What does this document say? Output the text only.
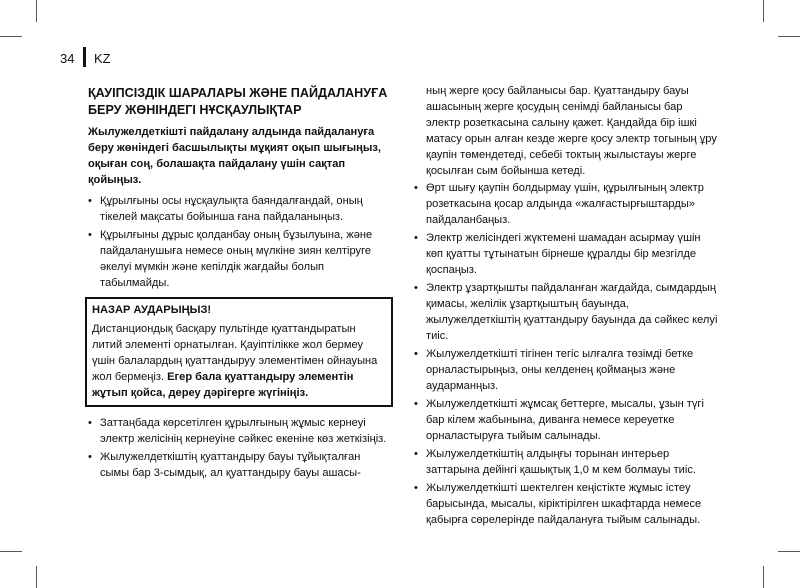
34 KZ
ҚАУІПСІЗДІК ШАРАЛАРЫ ЖӘНЕ ПАЙДАЛАНУҒА БЕРУ ЖӨНІНДЕГІ НҰСҚАУЛЫҚТАР

Жылужелдеткішті пайдалану алдында пайдалануға беру жөніндегі басшылықты мұқият оқып шығыңыз, оқыған соң, болашақта пайдалану үшін сақтап қойыңыз.

• Құрылғыны осы нұсқаулықта баяндалғандай, оның тікелей мақсаты бойынша ғана пайдаланыңыз.
• Құрылғыны дұрыс қолданбау оның бұзылуына, және пайдаланушыға немесе оның мүлкіне зиян келтіруге әкелуі мүмкін және кепілдік жағдайы болып табылмайды.
НАЗАР АУДАРЫҢЫЗ!

Дистанциондық басқару пультінде қуаттандыратын литий элементі орнатылған. Қауіптілікке жол бермеу үшін балалардың қуаттандыруу элементімен ойнауына жол бермеңіз. Егер бала қуаттандыру элементін жұтып қойса, дереу дәрігерге жүгініңіз.

• Заттаңбада көрсетілген құрылғының жұмыс кернеуі электр желісінің кернеуіне сәйкес екеніне көз жеткізіңіз.
• Жылужелдеткіштің қуаттандыру бауы тұйықталған сымы бар 3-сымдық, ал қуаттандыру бауы ашасы-

ның жерге қосу байланысы бар. Қуаттандыру бауы ашасының жерге қосудың сенімді байланысы бар электр розеткасына салыну қажет. Қандайда бір ішкі матасу орын алған кезде жерге қосу электр тогының ұру қаупін төмендетеді, себебі токтың жылыстауы жерге қосылған сым бойынша кетеді.

• Өрт шығу қаупін болдырмау үшін, құрылғының электр розеткасына қосар алдында «жалғастырғыштарды» пайдаланбаңыз.
• Электр желісіндегі жүктемені шамадан асырмау үшін көп қуатты тұтынатын бірнеше құралды бір мезгілде қоспаңыз.
• Электр ұзартқышты пайдаланған жағдайда, сымдардың қимасы, желілік ұзартқыштың бауында, жылужелдеткіштің қуаттандыру бауында да сәйкес келуі тиіс.
• Жылужелдеткішті тігінен тегіс ылғалға төзімді бетке орналастырыңыз, оны келденең қоймаңыз және аударманңыз.
• Жылужелдеткішті жұмсақ беттерге, мысалы, ұзын түгі бар кілем жабынына, диванға немесе кереуетке орналастыруға тыйым салынады.
• Жылужелдеткіштің алдыңғы торынан интерьер заттарына дейінгі қашықтық 1,0 м кем болмауы тиіс.
• Жылужелдеткішті шектелген кеңістікте жұмыс істеу барысында, мысалы, кіріктірілген шкафтарда немесе қабырға сөрелерінде пайдалануға тыйым салынады.
